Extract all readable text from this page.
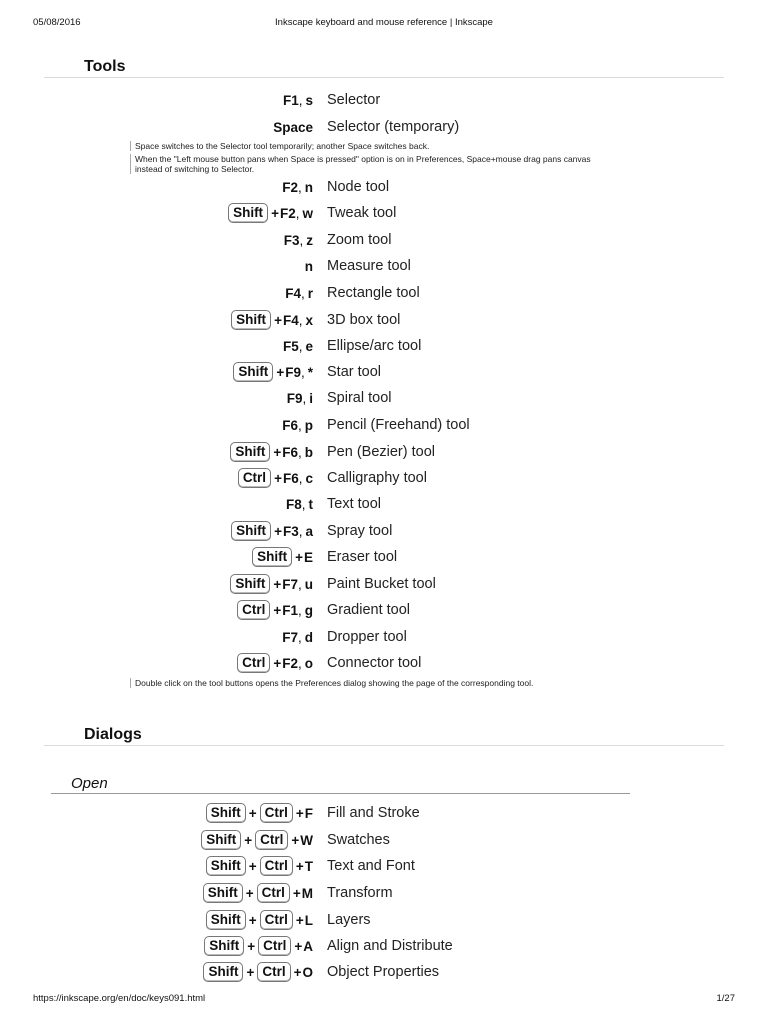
05/08/2016	Inkscape keyboard and mouse reference | Inkscape
Tools
F1 , s Selector
Space Selector (temporary)
F2 , n Node tool
Shift + F2 , w Tweak tool
F3 , z Zoom tool
n Measure tool
F4 , r Rectangle tool
Shift + F4 , x 3D box tool
F5 , e Ellipse/arc tool
Shift + F9 , * Star tool
F9 , i Spiral tool
F6 , p Pencil (Freehand) tool
Shift + F6 , b Pen (Bezier) tool
Ctrl + F6 , c Calligraphy tool
F8 , t Text tool
Shift + F3 , a Spray tool
Shift + E Eraser tool
Shift + F7 , u Paint Bucket tool
Ctrl + F1 , g Gradient tool
F7 , d Dropper tool
Ctrl + F2 , o Connector tool
Space switches to the Selector tool temporarily; another Space switches back.
When the "Left mouse button pans when Space is pressed" option is on in Preferences, Space+mouse drag pans canvas instead of switching to Selector.
Double click on the tool buttons opens the Preferences dialog showing the page of the corresponding tool.
Dialogs
Open
Shift + Ctrl + F Fill and Stroke
Shift + Ctrl + W Swatches
Shift + Ctrl + T Text and Font
Shift + Ctrl + M Transform
Shift + Ctrl + L Layers
Shift + Ctrl + A Align and Distribute
Shift + Ctrl + O Object Properties
https://inkscape.org/en/doc/keys091.html	1/27
